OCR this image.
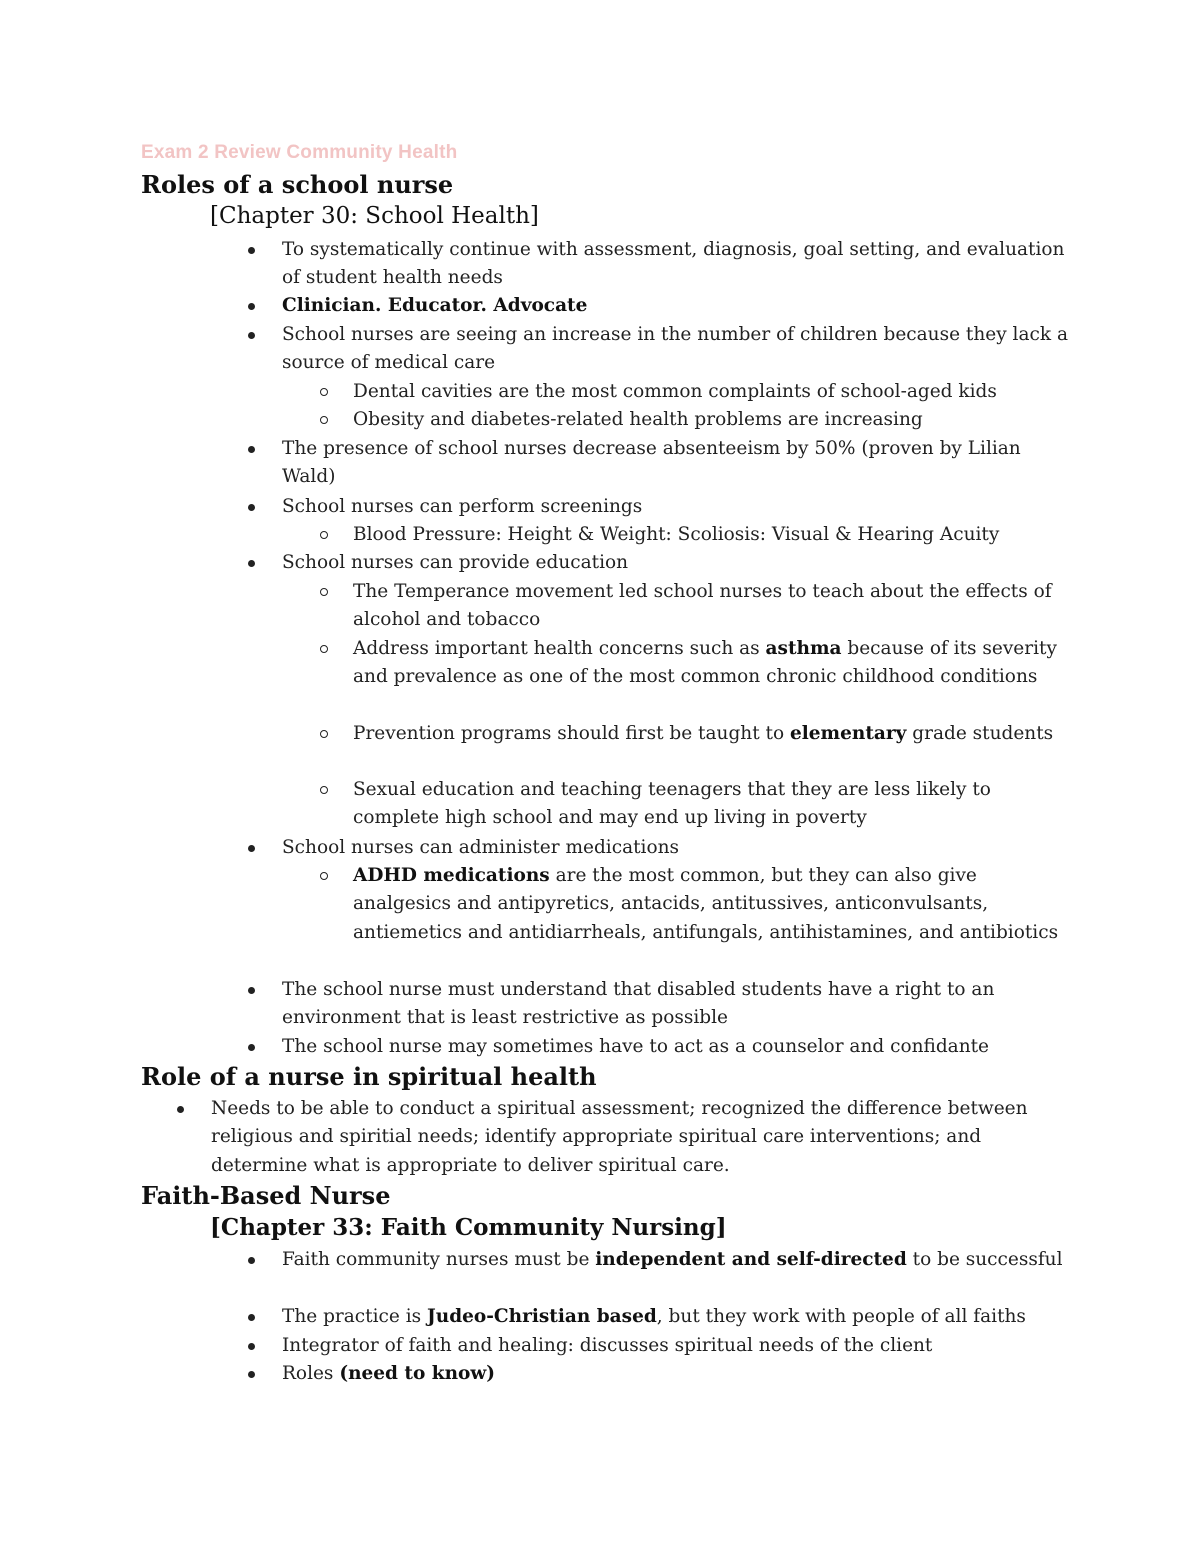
Exam 2 Review Community Health
Roles of a school nurse
[Chapter 30: School Health]
To systematically continue with assessment, diagnosis, goal setting, and evaluation of student health needs
Clinician. Educator. Advocate
School nurses are seeing an increase in the number of children because they lack a source of medical care
Dental cavities are the most common complaints of school-aged kids
Obesity and diabetes-related health problems are increasing
The presence of school nurses decrease absenteeism by 50% (proven by Lilian Wald)
School nurses can perform screenings
Blood Pressure: Height & Weight: Scoliosis: Visual & Hearing Acuity
School nurses can provide education
The Temperance movement led school nurses to teach about the effects of alcohol and tobacco
Address important health concerns such as asthma because of its severity and prevalence as one of the most common chronic childhood conditions
Prevention programs should first be taught to elementary grade students
Sexual education and teaching teenagers that they are less likely to complete high school and may end up living in poverty
School nurses can administer medications
ADHD medications are the most common, but they can also give analgesics and antipyretics, antacids, antitussives, anticonvulsants, antiemetics and antidiarrheals, antifungals, antihistamines, and antibiotics
The school nurse must understand that disabled students have a right to an environment that is least restrictive as possible
The school nurse may sometimes have to act as a counselor and confidante
Role of a nurse in spiritual health
Needs to be able to conduct a spiritual assessment; recognized the difference between religious and spiritial needs; identify appropriate spiritual care interventions; and determine what is appropriate to deliver spiritual care.
Faith-Based Nurse
[Chapter 33: Faith Community Nursing]
Faith community nurses must be independent and self-directed to be successful
The practice is Judeo-Christian based, but they work with people of all faiths
Integrator of faith and healing: discusses spiritual needs of the client
Roles (need to know)
